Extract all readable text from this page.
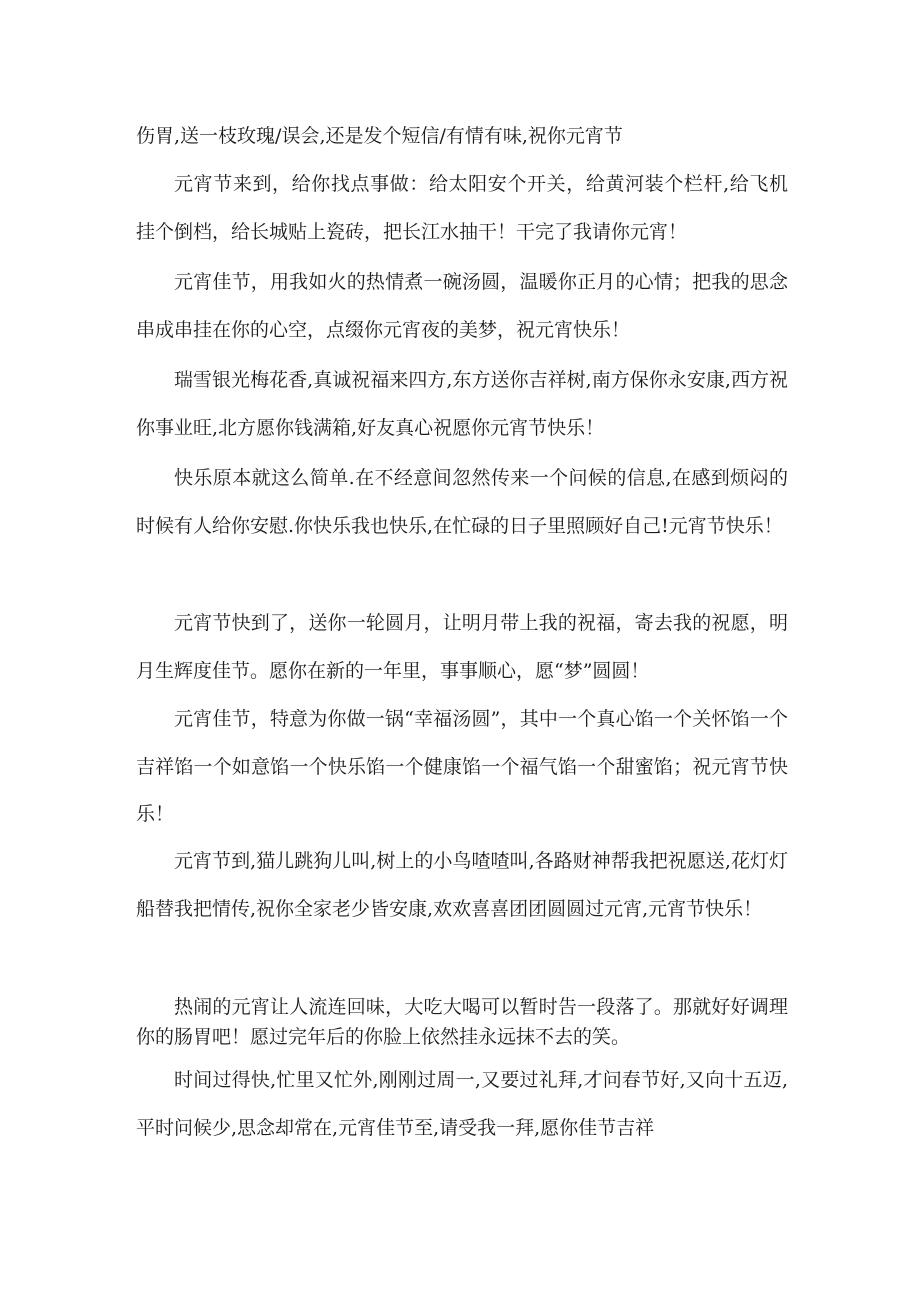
伤胃,送一枝玫瑰/误会,还是发个短信/有情有味,祝你元宵节

元宵节来到，给你找点事做：给太阳安个开关，给黄河装个栏杆,给飞机挂个倒档，给长城贴上瓷砖，把长江水抽干！干完了我请你元宵！

元宵佳节，用我如火的热情煮一碗汤圆，温暖你正月的心情；把我的思念串成串挂在你的心空，点缀你元宵夜的美梦，祝元宵快乐！

瑞雪银光梅花香,真诚祝福来四方,东方送你吉祥树,南方保你永安康,西方祝你事业旺,北方愿你钱满箱,好友真心祝愿你元宵节快乐！

快乐原本就这么简单.在不经意间忽然传来一个问候的信息,在感到烦闷的时候有人给你安慰.你快乐我也快乐,在忙碌的日子里照顾好自己!元宵节快乐！

元宵节快到了，送你一轮圆月，让明月带上我的祝福，寄去我的祝愿，明月生辉度佳节。愿你在新的一年里，事事顺心，愿“梦”圆圆！

元宵佳节，特意为你做一锅“幸福汤圆”，其中一个真心馅一个关怀馅一个吉祥馅一个如意馅一个快乐馅一个健康馅一个福气馅一个甜蜜馅；祝元宵节快乐！

元宵节到,猫儿跳狗儿叫,树上的小鸟喳喳叫,各路财神帮我把祝愿送,花灯灯船替我把情传,祝你全家老少皆安康,欢欢喜喜团团圆圆过元宵,元宵节快乐！

热闹的元宵让人流连回味，大吃大喝可以暂时告一段落了。那就好好调理你的肠胃吧！愿过完年后的你脸上依然挂永远抹不去的笑。

时间过得快,忙里又忙外,刚刚过周一,又要过礼拜,才问春节好,又向十五迈,平时问候少,思念却常在,元宵佳节至,请受我一拜,愿你佳节吉祥
